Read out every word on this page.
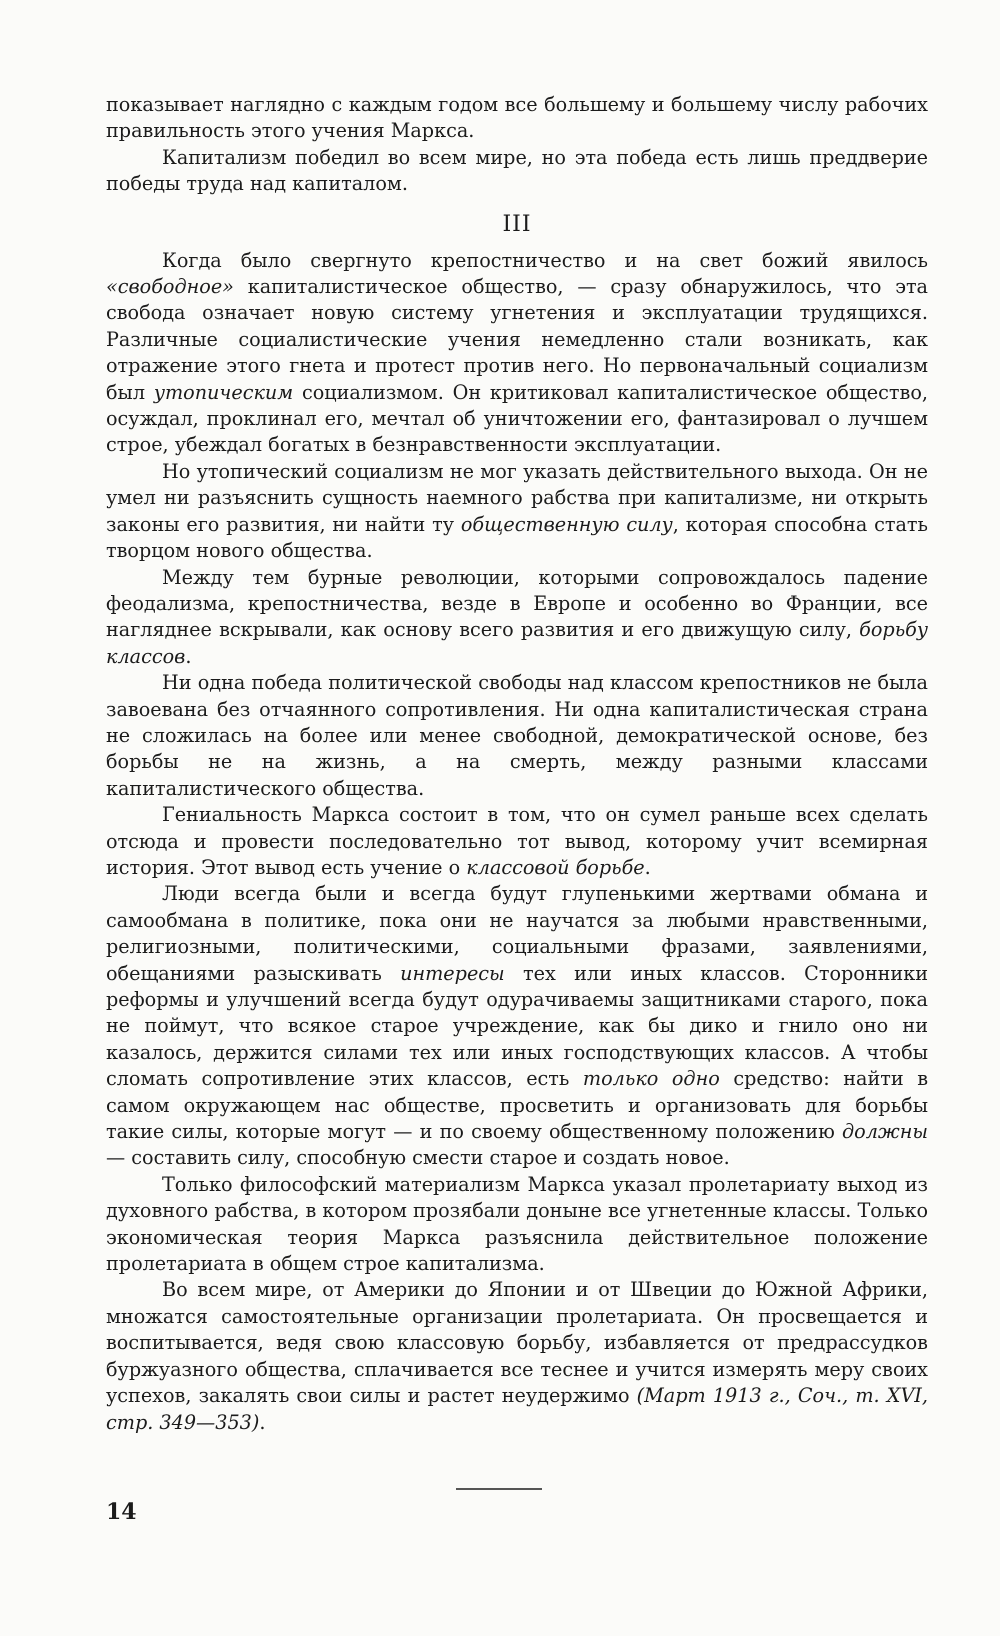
показывает наглядно с каждым годом все большему и большему числу рабочих правильность этого учения Маркса.

Капитализм победил во всем мире, но эта победа есть лишь преддверие победы труда над капиталом.

III

Когда было свергнуто крепостничество и на свет божий явилось «свободное» капиталистическое общество, — сразу обнаружилось, что эта свобода означает новую систему угнетения и эксплуатации трудящихся. Различные социалистические учения немедленно стали возникать, как отражение этого гнета и протест против него. Но первоначальный социализм был утопическим социализмом. Он критиковал капиталистическое общество, осуждал, проклинал его, мечтал об уничтожении его, фантазировал о лучшем строе, убеждал богатых в безнравственности эксплуатации.

Но утопический социализм не мог указать действительного выхода. Он не умел ни разъяснить сущность наемного рабства при капитализме, ни открыть законы его развития, ни найти ту общественную силу, которая способна стать творцом нового общества.

Между тем бурные революции, которыми сопровождалось падение феодализма, крепостничества, везде в Европе и особенно во Франции, все нагляднее вскрывали, как основу всего развития и его движущую силу, борьбу классов.

Ни одна победа политической свободы над классом крепостников не была завоевана без отчаянного сопротивления. Ни одна капиталистическая страна не сложилась на более или менее свободной, демократической основе, без борьбы не на жизнь, а на смерть, между разными классами капиталистического общества.

Гениальность Маркса состоит в том, что он сумел раньше всех сделать отсюда и провести последовательно тот вывод, которому учит всемирная история. Этот вывод есть учение о классовой борьбе.

Люди всегда были и всегда будут глупенькими жертвами обмана и самообмана в политике, пока они не научатся за любыми нравственными, религиозными, политическими, социальными фразами, заявлениями, обещаниями разыскивать интересы тех или иных классов. Сторонники реформы и улучшений всегда будут одурачиваемы защитниками старого, пока не поймут, что всякое старое учреждение, как бы дико и гнило оно ни казалось, держится силами тех или иных господствующих классов. А чтобы сломать сопротивление этих классов, есть только одно средство: найти в самом окружающем нас обществе, просветить и организовать для борьбы такие силы, которые могут — и по своему общественному положению должны — составить силу, способную смести старое и создать новое.

Только философский материализм Маркса указал пролетариату выход из духовного рабства, в котором прозябали доныне все угнетенные классы. Только экономическая теория Маркса разъяснила действительное положение пролетариата в общем строе капитализма.

Во всем мире, от Америки до Японии и от Швеции до Южной Африки, множатся самостоятельные организации пролетариата. Он просвещается и воспитывается, ведя свою классовую борьбу, избавляется от предрассудков буржуазного общества, сплачивается все теснее и учится измерять меру своих успехов, закалять свои силы и растет неудержимо (Март 1913 г., Соч., т. XVI, стр. 349—353).

14
